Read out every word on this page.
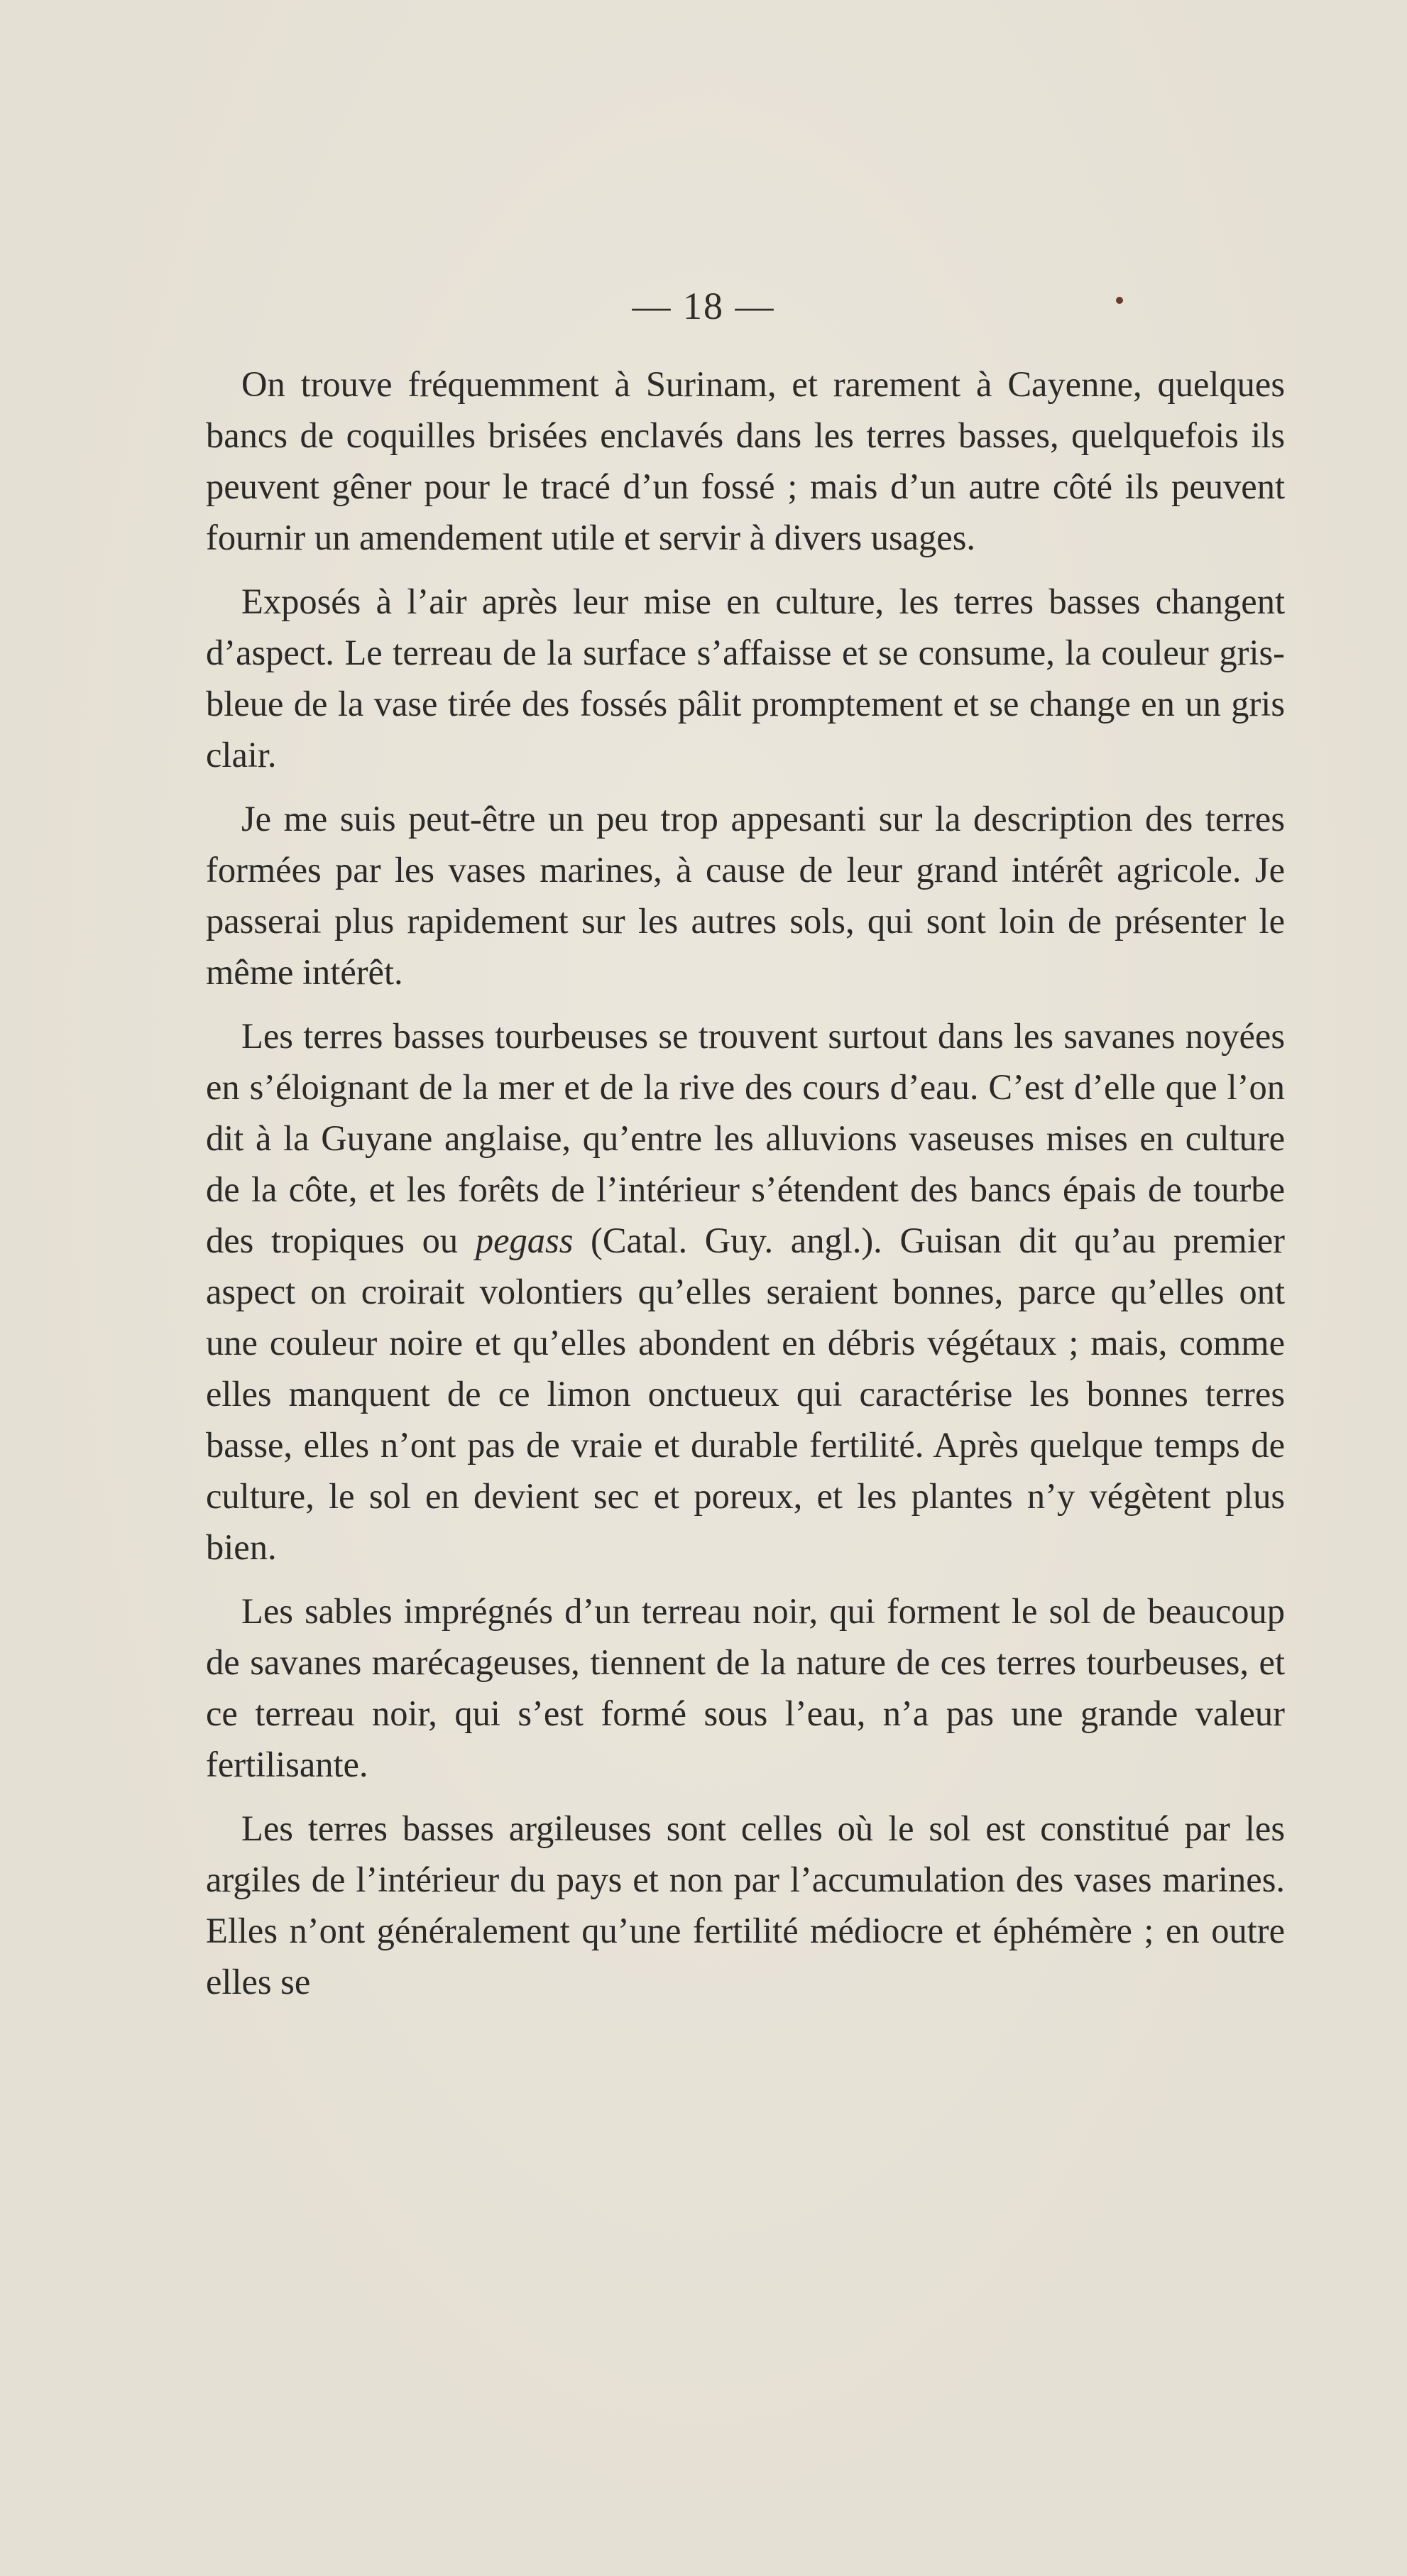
— 18 —

On trouve fréquemment à Surinam, et rarement à Cayenne, quelques bancs de coquilles brisées enclavés dans les terres basses, quelquefois ils peuvent gêner pour le tracé d’un fossé ; mais d’un autre côté ils peuvent fournir un amendement utile et servir à divers usages.

Exposés à l’air après leur mise en culture, les terres basses changent d’aspect. Le terreau de la surface s’affaisse et se consume, la couleur gris-bleue de la vase tirée des fossés pâlit promptement et se change en un gris clair.

Je me suis peut-être un peu trop appesanti sur la description des terres formées par les vases marines, à cause de leur grand intérêt agricole. Je passerai plus rapidement sur les autres sols, qui sont loin de présenter le même intérêt.

Les terres basses tourbeuses se trouvent surtout dans les savanes noyées en s’éloignant de la mer et de la rive des cours d’eau. C’est d’elle que l’on dit à la Guyane anglaise, qu’entre les alluvions vaseuses mises en culture de la côte, et les forêts de l’intérieur s’étendent des bancs épais de tourbe des tropiques ou pegass (Catal. Guy. angl.). Guisan dit qu’au premier aspect on croirait volontiers qu’elles seraient bonnes, parce qu’elles ont une couleur noire et qu’elles abondent en débris végétaux ; mais, comme elles manquent de ce limon onctueux qui caractérise les bonnes terres basse, elles n’ont pas de vraie et durable fertilité. Après quelque temps de culture, le sol en devient sec et poreux, et les plantes n’y végètent plus bien.

Les sables imprégnés d’un terreau noir, qui forment le sol de beaucoup de savanes marécageuses, tiennent de la nature de ces terres tourbeuses, et ce terreau noir, qui s’est formé sous l’eau, n’a pas une grande valeur fertilisante.

Les terres basses argileuses sont celles où le sol est constitué par les argiles de l’intérieur du pays et non par l’accumulation des vases marines. Elles n’ont généralement qu’une fertilité médiocre et éphémère ; en outre elles se
